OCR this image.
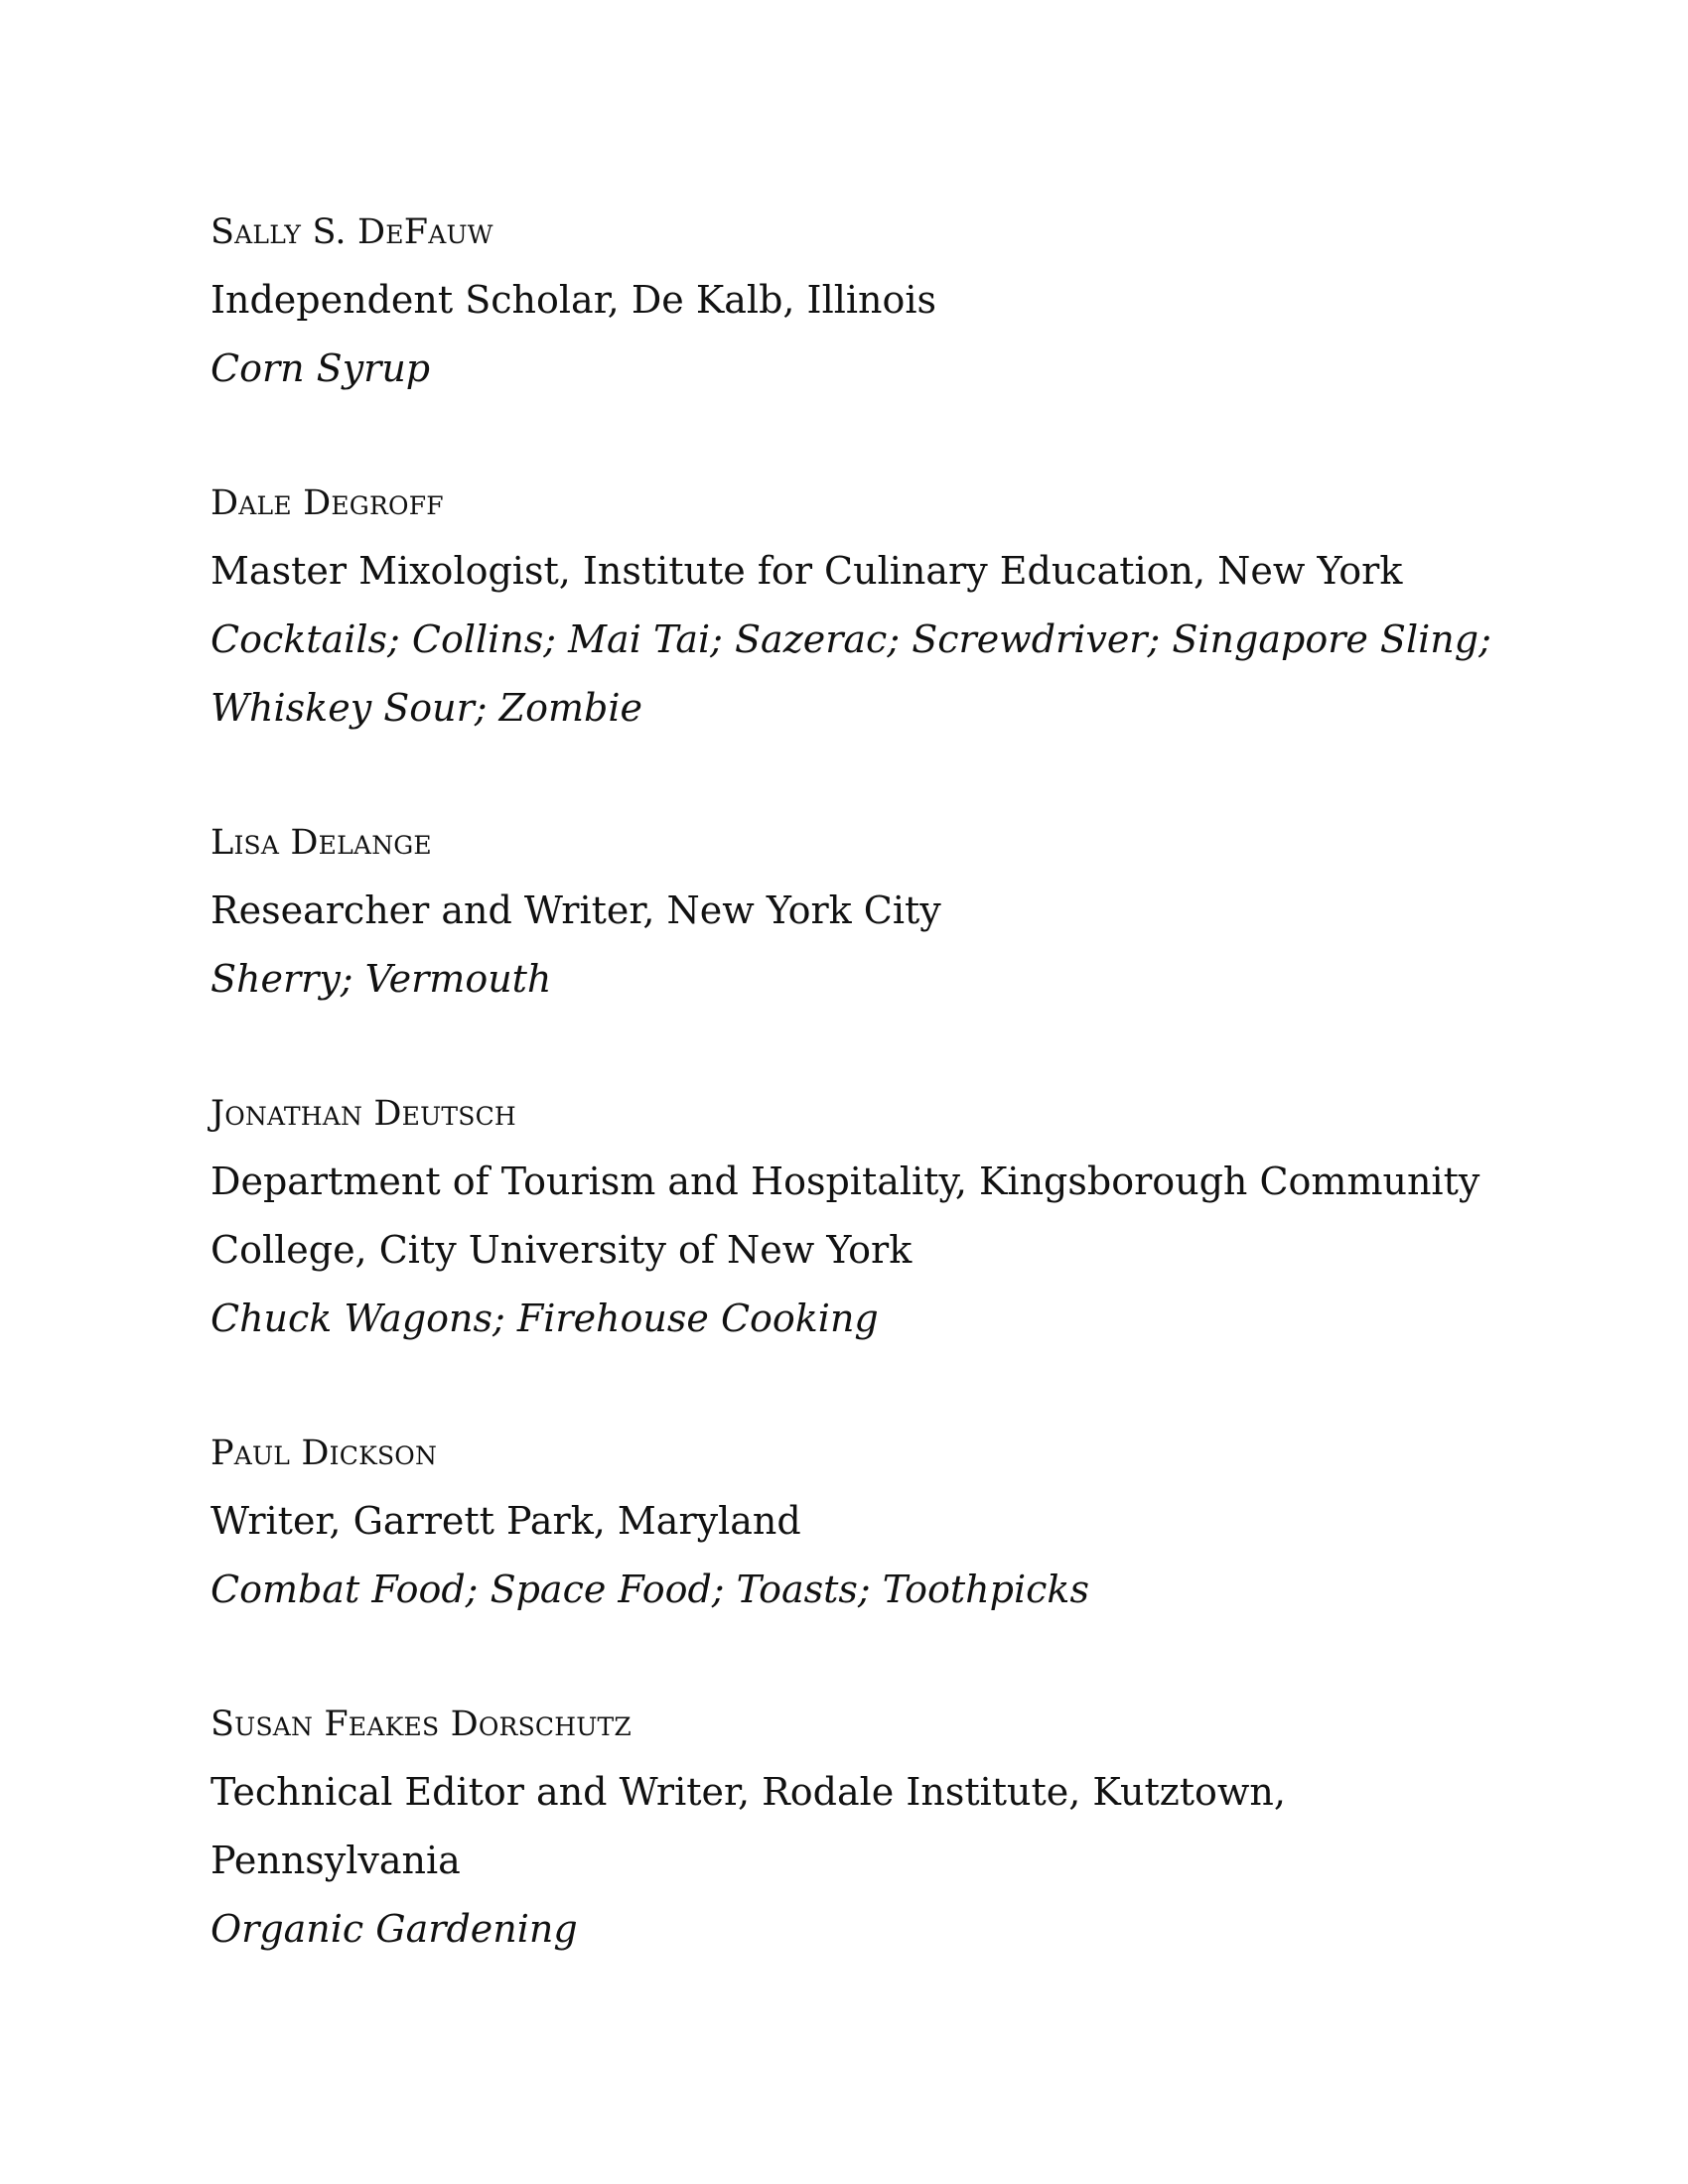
Sally S. DeFauw
Independent Scholar, De Kalb, Illinois
Corn Syrup
Dale Degroff
Master Mixologist, Institute for Culinary Education, New York
Cocktails; Collins; Mai Tai; Sazerac; Screwdriver; Singapore Sling; Whiskey Sour; Zombie
Lisa Delange
Researcher and Writer, New York City
Sherry; Vermouth
Jonathan Deutsch
Department of Tourism and Hospitality, Kingsborough Community College, City University of New York
Chuck Wagons; Firehouse Cooking
Paul Dickson
Writer, Garrett Park, Maryland
Combat Food; Space Food; Toasts; Toothpicks
Susan Feakes Dorschutz
Technical Editor and Writer, Rodale Institute, Kutztown, Pennsylvania
Organic Gardening
